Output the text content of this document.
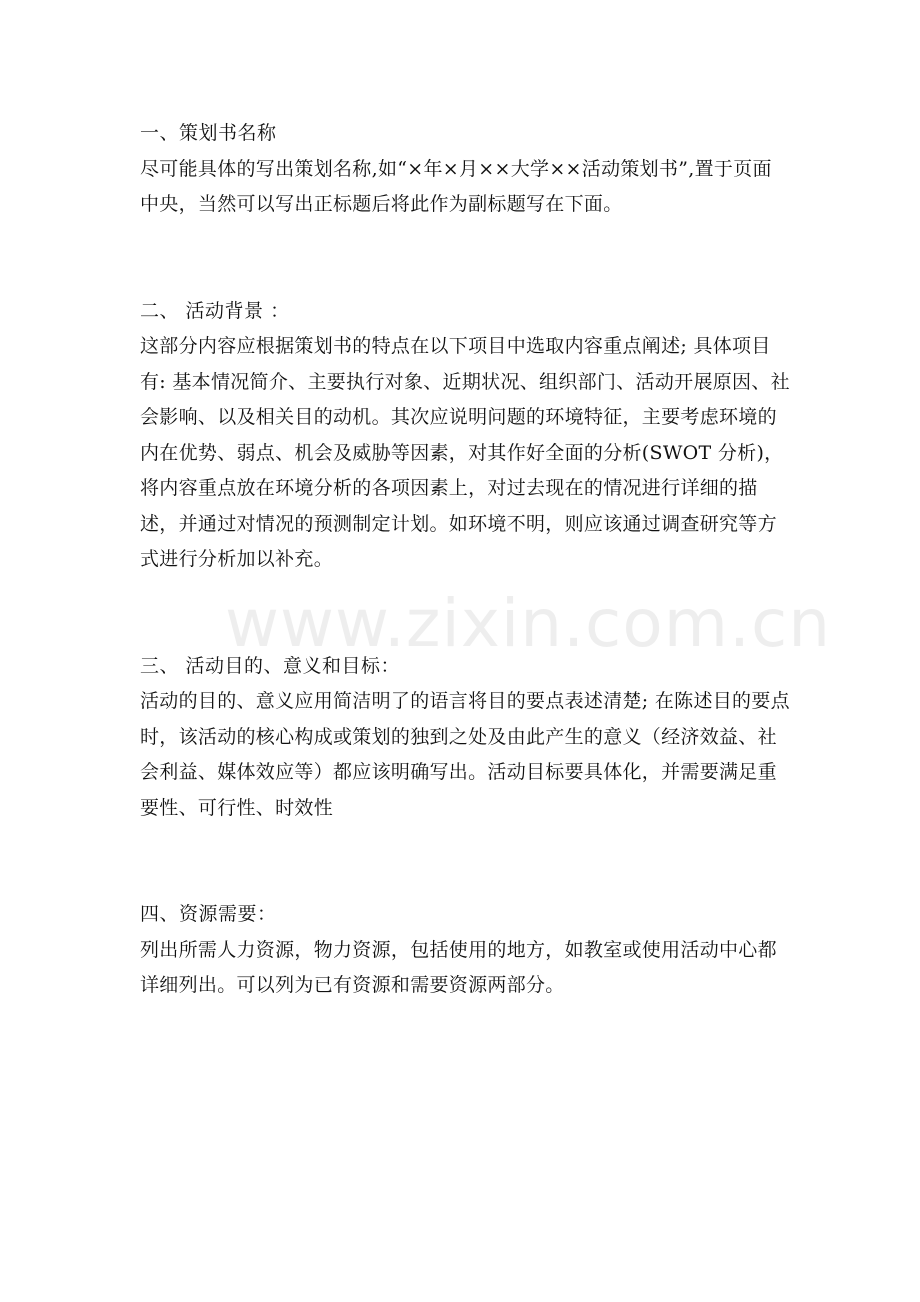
www.zixin.com.cn

一、策划书名称

尽可能具体的写出策划名称,如“×年×月××大学××活动策划书”,置于页面中央，当然可以写出正标题后将此作为副标题写在下面。

二、 活动背景 ：

这部分内容应根据策划书的特点在以下项目中选取内容重点阐述; 具体项目有: 基本情况简介、主要执行对象、近期状况、组织部门、活动开展原因、社会影响、以及相关目的动机。其次应说明问题的环境特征，主要考虑环境的内在优势、弱点、机会及威胁等因素，对其作好全面的分析(SWOT 分析)，将内容重点放在环境分析的各项因素上，对过去现在的情况进行详细的描述，并通过对情况的预测制定计划。如环境不明，则应该通过调查研究等方式进行分析加以补充。

三、 活动目的、意义和目标：

活动的目的、意义应用简洁明了的语言将目的要点表述清楚; 在陈述目的要点时，该活动的核心构成或策划的独到之处及由此产生的意义（经济效益、社会利益、媒体效应等）都应该明确写出。活动目标要具体化，并需要满足重要性、可行性、时效性

四、资源需要：

列出所需人力资源，物力资源，包括使用的地方，如教室或使用活动中心都详细列出。可以列为已有资源和需要资源两部分。
